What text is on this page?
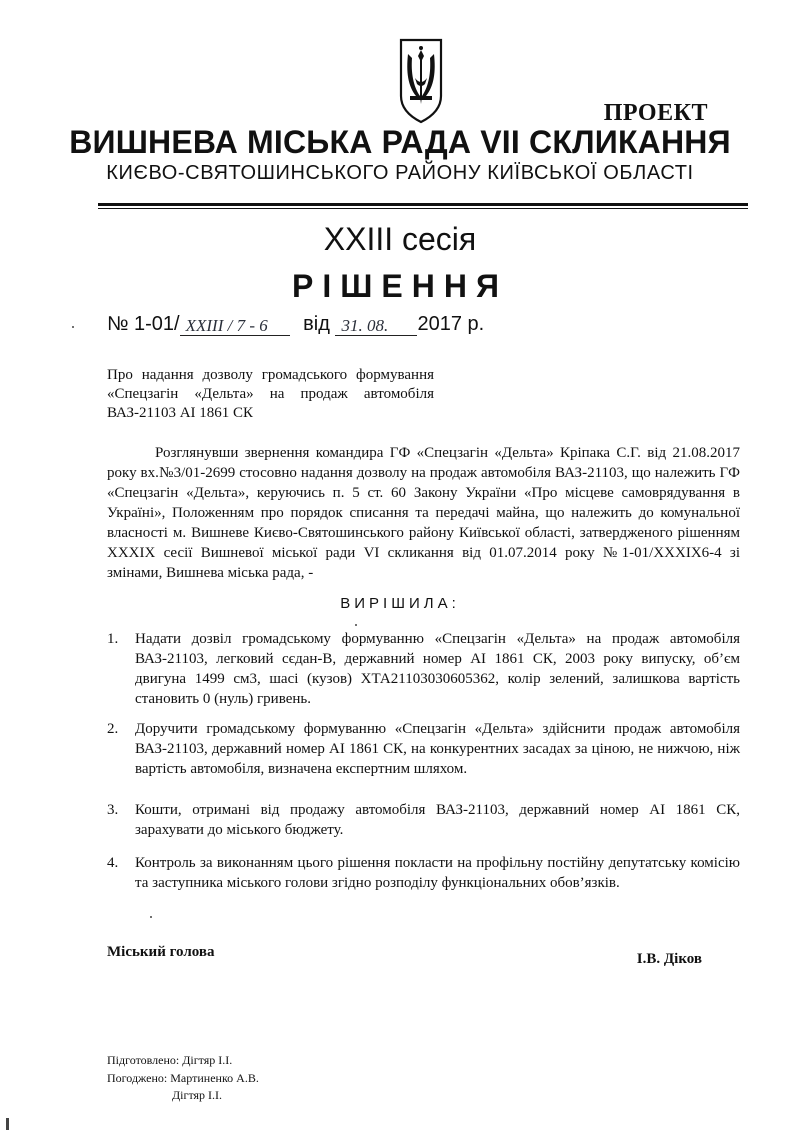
ПРОЕКТ
ВИШНЕВА МІСЬКА РАДА VII СКЛИКАННЯ
КИЄВО-СВЯТОШИНСЬКОГО РАЙОНУ КИЇВСЬКОЇ ОБЛАСТІ
XXIII сесія
РІШЕННЯ
№ 1-01/ XXIII / 7 - 6 від 31. 08. 2017 р.
Про надання дозволу громадського формування «Спецзагін «Дельта» на продаж автомобіля ВАЗ-21103 АІ 1861 СК
Розглянувши звернення командира ГФ «Спецзагін «Дельта» Кріпака С.Г. від 21.08.2017 року вх.№3/01-2699 стосовно надання дозволу на продаж автомобіля ВАЗ-21103, що належить ГФ «Спецзагін «Дельта», керуючись п. 5 ст. 60 Закону України «Про місцеве самоврядування в Україні», Положенням про порядок списання та передачі майна, що належить до комунальної власності м. Вишневе Києво-Святошинського району Київської області, затвердженого рішенням XXXIX сесії Вишневої міської ради VI скликання від 01.07.2014 року №1-01/XXXIX6-4 зі змінами, Вишнева міська рада, -
ВИРІШИЛА:
1. Надати дозвіл громадському формуванню «Спецзагін «Дельта» на продаж автомобіля ВАЗ-21103, легковий сєдан-В, державний номер АІ 1861 СК, 2003 року випуску, об’єм двигуна 1499 см3, шасі (кузов) ХТА21103030605362, колір зелений, залишкова вартість становить 0 (нуль) гривень.
2. Доручити громадському формуванню «Спецзагін «Дельта» здійснити продаж автомобіля ВАЗ-21103, державний номер АІ 1861 СК, на конкурентних засадах за ціною, не нижчою, ніж вартість автомобіля, визначена експертним шляхом.
3. Кошти, отримані від продажу автомобіля ВАЗ-21103, державний номер АІ 1861 СК, зарахувати до міського бюджету.
4. Контроль за виконанням цього рішення покласти на профільну постійну депутатську комісію та заступника міського голови згідно розподілу функціональних обов’язків.
Міський голова	І.В. Діков
Підготовлено: Дігтяр І.І.
Погоджено: Мартиненко А.В.
Дігтяр І.І.
